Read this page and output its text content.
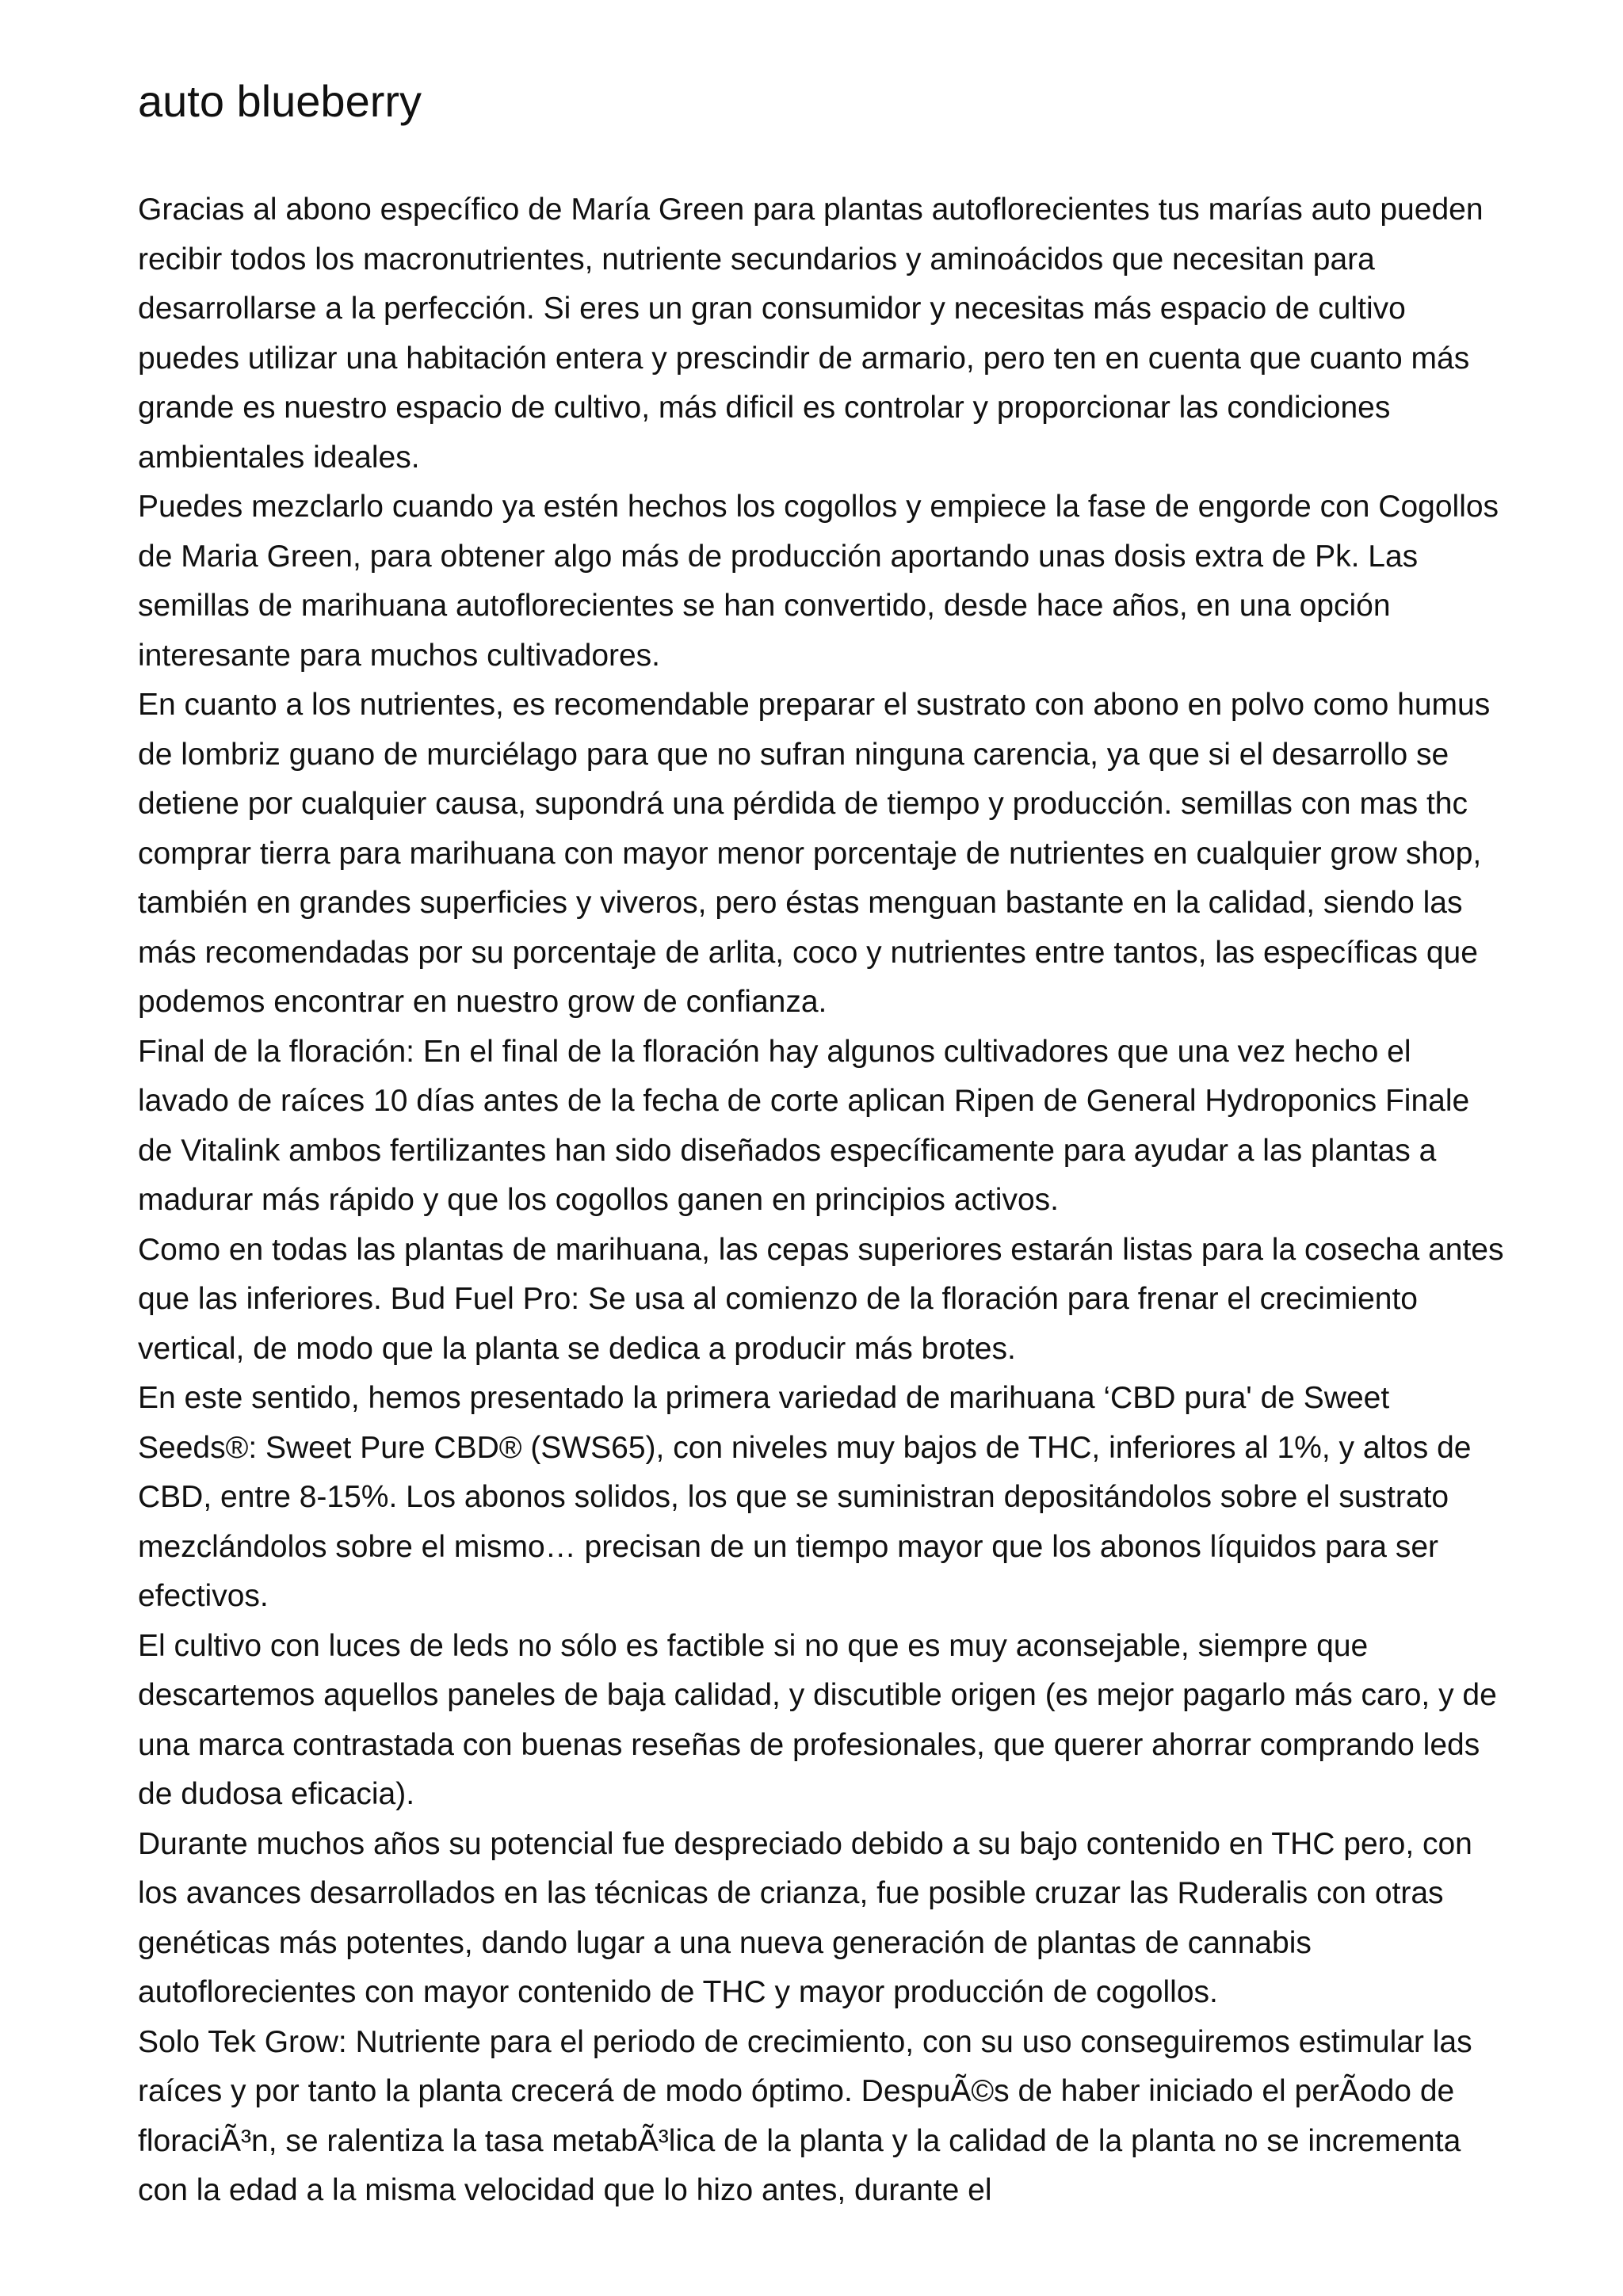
auto blueberry

Gracias al abono específico de María Green para plantas autoflorecientes tus marías auto pueden recibir todos los macronutrientes, nutriente secundarios y aminoácidos que necesitan para desarrollarse a la perfección. Si eres un gran consumidor y necesitas más espacio de cultivo puedes utilizar una habitación entera y prescindir de armario, pero ten en cuenta que cuanto más grande es nuestro espacio de cultivo, más dificil es controlar y proporcionar las condiciones ambientales ideales.

Puedes mezclarlo cuando ya estén hechos los cogollos y empiece la fase de engorde con Cogollos de Maria Green, para obtener algo más de producción aportando unas dosis extra de Pk. Las semillas de marihuana autoflorecientes se han convertido, desde hace años, en una opción interesante para muchos cultivadores.

En cuanto a los nutrientes, es recomendable preparar el sustrato con abono en polvo como humus de lombriz guano de murciélago para que no sufran ninguna carencia, ya que si el desarrollo se detiene por cualquier causa, supondrá una pérdida de tiempo y producción. semillas con mas thc comprar tierra para marihuana con mayor menor porcentaje de nutrientes en cualquier grow shop, también en grandes superficies y viveros, pero éstas menguan bastante en la calidad, siendo las más recomendadas por su porcentaje de arlita, coco y nutrientes entre tantos, las específicas que podemos encontrar en nuestro grow de confianza.

Final de la floración: En el final de la floración hay algunos cultivadores que una vez hecho el lavado de raíces 10 días antes de la fecha de corte aplican Ripen de General Hydroponics Finale de Vitalink ambos fertilizantes han sido diseñados específicamente para ayudar a las plantas a madurar más rápido y que los cogollos ganen en principios activos.

Como en todas las plantas de marihuana, las cepas superiores estarán listas para la cosecha antes que las inferiores. Bud Fuel Pro: Se usa al comienzo de la floración para frenar el crecimiento vertical, de modo que la planta se dedica a producir más brotes.

En este sentido, hemos presentado la primera variedad de marihuana ‘CBD pura' de Sweet Seeds®: Sweet Pure CBD® (SWS65), con niveles muy bajos de THC, inferiores al 1%, y altos de CBD, entre 8-15%. Los abonos solidos, los que se suministran depositándolos sobre el sustrato mezclándolos sobre el mismo… precisan de un tiempo mayor que los abonos líquidos para ser efectivos.

El cultivo con luces de leds no sólo es factible si no que es muy aconsejable, siempre que descartemos aquellos paneles de baja calidad, y discutible origen (es mejor pagarlo más caro, y de una marca contrastada con buenas reseñas de profesionales, que querer ahorrar comprando leds de dudosa eficacia).

Durante muchos años su potencial fue despreciado debido a su bajo contenido en THC pero, con los avances desarrollados en las técnicas de crianza, fue posible cruzar las Ruderalis con otras genéticas más potentes, dando lugar a una nueva generación de plantas de cannabis autoflorecientes con mayor contenido de THC y mayor producción de cogollos.

Solo Tek Grow: Nutriente para el periodo de crecimiento, con su uso conseguiremos estimular las raíces y por tanto la planta crecerá de modo óptimo. DespuÃ©s de haber iniciado el perÃodo de floraciÃ³n, se ralentiza la tasa metabÃ³lica de la planta y la calidad de la planta no se incrementa con la edad a la misma velocidad que lo hizo antes, durante el
